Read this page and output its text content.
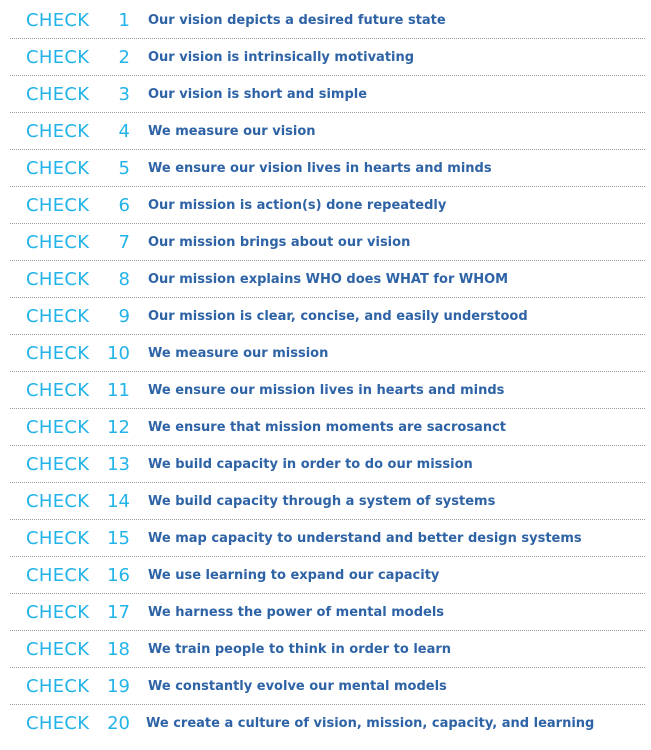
CHECK 1 Our vision depicts a desired future state
CHECK 2 Our vision is intrinsically motivating
CHECK 3 Our vision is short and simple
CHECK 4 We measure our vision
CHECK 5 We ensure our vision lives in hearts and minds
CHECK 6 Our mission is action(s) done repeatedly
CHECK 7 Our mission brings about our vision
CHECK 8 Our mission explains WHO does WHAT for WHOM
CHECK 9 Our mission is clear, concise, and easily understood
CHECK 10 We measure our mission
CHECK 11 We ensure our mission lives in hearts and minds
CHECK 12 We ensure that mission moments are sacrosanct
CHECK 13 We build capacity in order to do our mission
CHECK 14 We build capacity through a system of systems
CHECK 15 We map capacity to understand and better design systems
CHECK 16 We use learning to expand our capacity
CHECK 17 We harness the power of mental models
CHECK 18 We train people to think in order to learn
CHECK 19 We constantly evolve our mental models
CHECK 20 We create a culture of vision, mission, capacity, and learning
